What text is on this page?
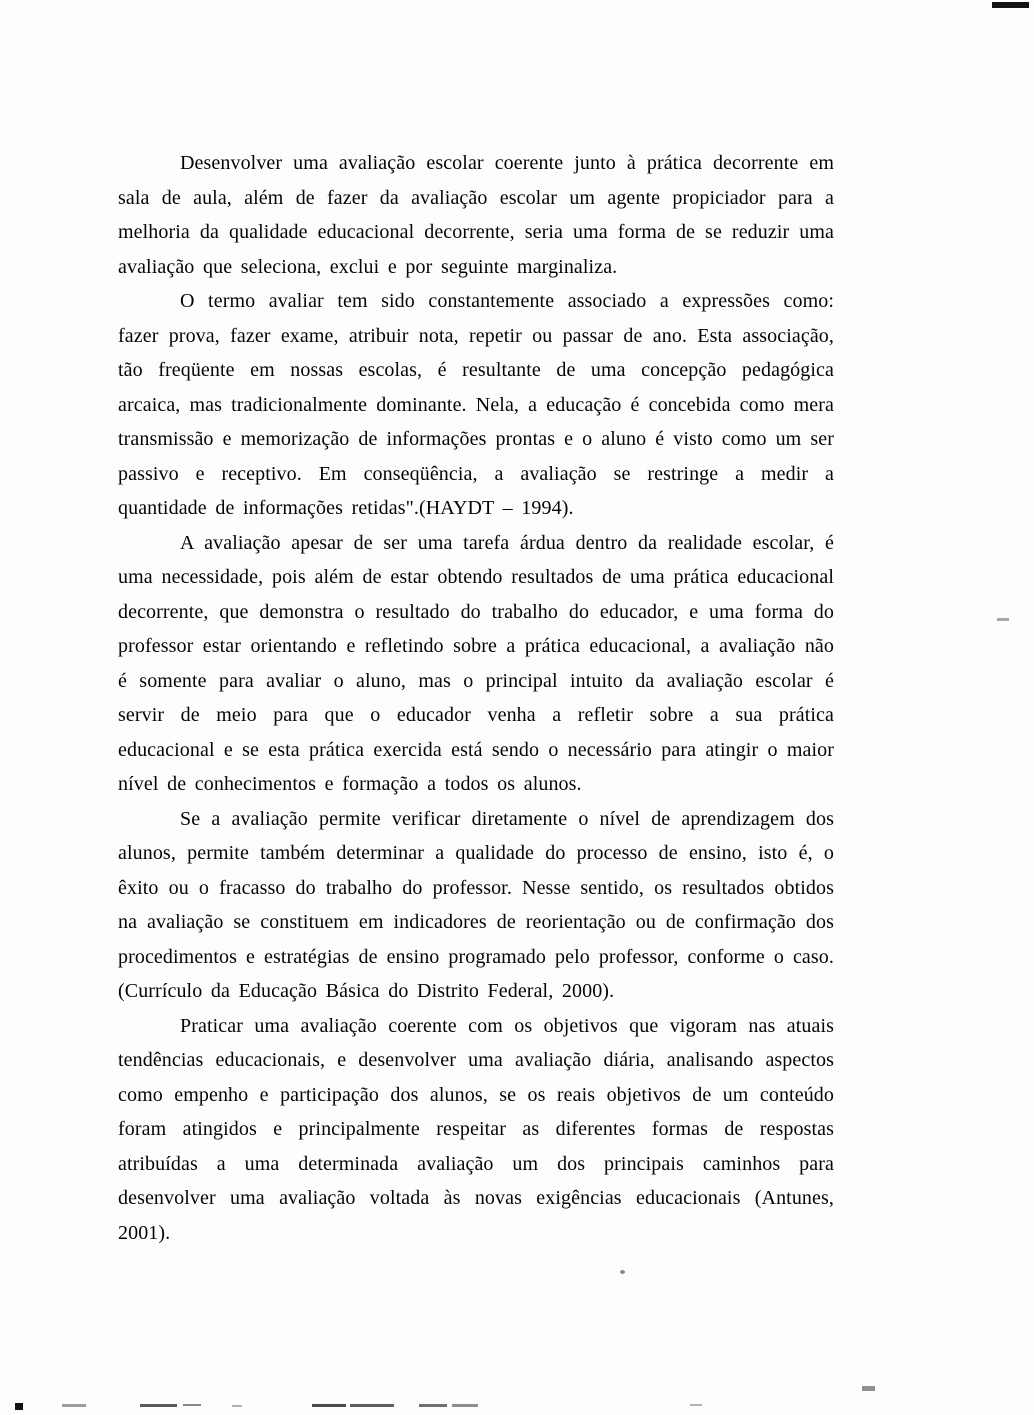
Desenvolver uma avaliação escolar coerente junto à prática decorrente em sala de aula, além de fazer da avaliação escolar um agente propiciador para a melhoria da qualidade educacional decorrente, seria uma forma de se reduzir uma avaliação que seleciona, exclui e por seguinte marginaliza.

O termo avaliar tem sido constantemente associado a expressões como: fazer prova, fazer exame, atribuir nota, repetir ou passar de ano. Esta associação, tão freqüente em nossas escolas, é resultante de uma concepção pedagógica arcaica, mas tradicionalmente dominante. Nela, a educação é concebida como mera transmissão e memorização de informações prontas e o aluno é visto como um ser passivo e receptivo. Em conseqüência, a avaliação se restringe a medir a quantidade de informações retidas".(HAYDT – 1994).

A avaliação apesar de ser uma tarefa árdua dentro da realidade escolar, é uma necessidade, pois além de estar obtendo resultados de uma prática educacional decorrente, que demonstra o resultado do trabalho do educador, e uma forma do professor estar orientando e refletindo sobre a prática educacional, a avaliação não é somente para avaliar o aluno, mas o principal intuito da avaliação escolar é servir de meio para que o educador venha a refletir sobre a sua prática educacional e se esta prática exercida está sendo o necessário para atingir o maior nível de conhecimentos e formação a todos os alunos.

Se a avaliação permite verificar diretamente o nível de aprendizagem dos alunos, permite também determinar a qualidade do processo de ensino, isto é, o êxito ou o fracasso do trabalho do professor. Nesse sentido, os resultados obtidos na avaliação se constituem em indicadores de reorientação ou de confirmação dos procedimentos e estratégias de ensino programado pelo professor, conforme o caso.(Currículo da Educação Básica do Distrito Federal, 2000).

Praticar uma avaliação coerente com os objetivos que vigoram nas atuais tendências educacionais, e desenvolver uma avaliação diária, analisando aspectos como empenho e participação dos alunos, se os reais objetivos de um conteúdo foram atingidos e principalmente respeitar as diferentes formas de respostas atribuídas a uma determinada avaliação um dos principais caminhos para desenvolver uma avaliação voltada às novas exigências educacionais (Antunes, 2001).
